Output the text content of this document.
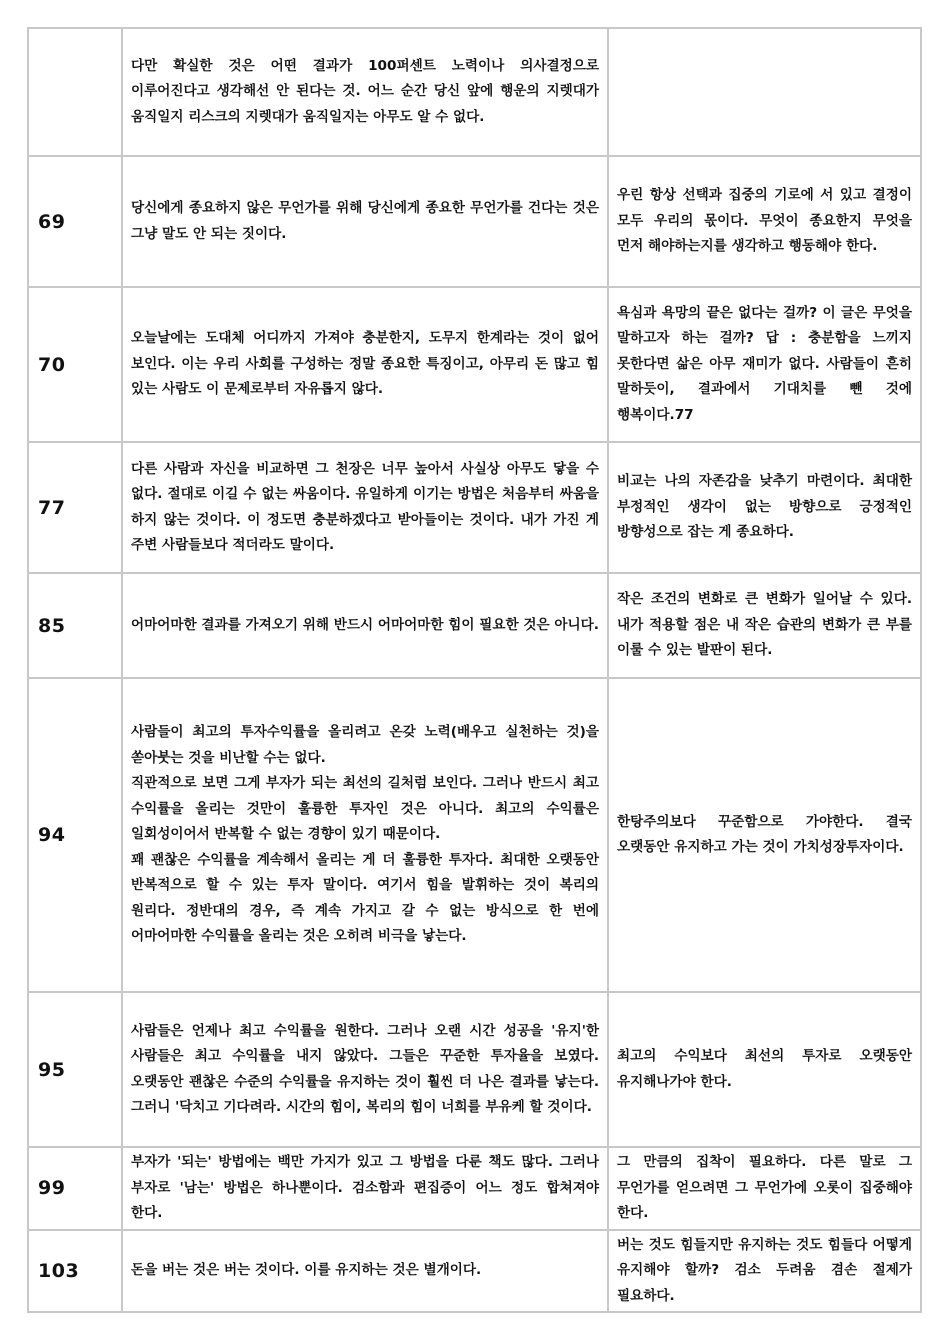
	다만 확실한 것은 어떤 결과가 100퍼센트 노력이나 의사결정으로 이루어진다고 생각해선 안 된다는 것. 어느 순간 당신 앞에 행운의 지렛대가 움직일지 리스크의 지렛대가 움직일지는 아무도 알 수 없다.	
69	당신에게 종요하지 않은 무언가를 위해 당신에게 종요한 무언가를 건다는 것은 그냥 말도 안 되는 짓이다.	우린 항상 선택과 집중의 기로에 서 있고 결정이 모두 우리의 몫이다. 무엇이 종요한지 무엇을 먼저 해야하는지를 생각하고 행동해야 한다.
70	오늘날에는 도대체 어디까지 가져야 충분한지, 도무지 한계라는 것이 없어 보인다. 이는 우리 사회를 구성하는 정말 종요한 특징이고, 아무리 돈 많고 힘 있는 사람도 이 문제로부터 자유롭지 않다.	욕심과 욕망의 끝은 없다는 걸까? 이 글은 무엇을 말하고자 하는 걸까? 답 : 충분함을 느끼지 못한다면 삶은 아무 재미가 없다. 사람들이 흔히 말하듯이, 결과에서 기대치를 뺀 것에 행복이다.77
77	다른 사람과 자신을 비교하면 그 천장은 너무 높아서 사실상 아무도 닿을 수 없다. 절대로 이길 수 없는 싸움이다. 유일하게 이기는 방법은 처음부터 싸움을 하지 않는 것이다. 이 정도면 충분하겠다고 받아들이는 것이다. 내가 가진 게 주변 사람들보다 적더라도 말이다.	비교는 나의 자존감을 낮추기 마련이다. 최대한 부정적인 생각이 없는 방향으로 긍정적인 방향성으로 잡는 게 종요하다.
85	어마어마한 결과를 가져오기 위해 반드시 어마어마한 힘이 필요한 것은 아니다.	작은 조건의 변화로 큰 변화가 일어날 수 있다. 내가 적용할 점은 내 작은 습관의 변화가 큰 부를 이룰 수 있는 발판이 된다.
94	사람들이 최고의 투자수익률을 올리려고 온갖 노력(배우고 실천하는 것)을 쏟아붓는 것을 비난할 수는 없다.
직관적으로 보면 그게 부자가 되는 최선의 길처럼 보인다. 그러나 반드시 최고 수익률을 올리는 것만이 훌륭한 투자인 것은 아니다. 최고의 수익률은 일회성이어서 반복할 수 없는 경향이 있기 때문이다.
꽤 괜찮은 수익률을 계속해서 올리는 게 더 훌륭한 투자다. 최대한 오랫동안 반복적으로 할 수 있는 투자 말이다. 여기서 힘을 발휘하는 것이 복리의 원리다. 정반대의 경우, 즉 계속 가지고 갈 수 없는 방식으로 한 번에 어마어마한 수익률을 올리는 것은 오히려 비극을 낳는다.	한탕주의보다 꾸준함으로 가야한다. 결국 오랫동안 유지하고 가는 것이 가치성장투자이다.
95	사람들은 언제나 최고 수익률을 원한다. 그러나 오랜 시간 성공을 '유지'한 사람들은 최고 수익률을 내지 않았다. 그들은 꾸준한 투자율을 보였다. 오랫동안 괜찮은 수준의 수익률을 유지하는 것이 훨씬 더 나은 결과를 낳는다. 그러니 '닥치고 기다려라. 시간의 힘이, 복리의 힘이 너희를 부유케 할 것이다.	최고의 수익보다 최선의 투자로 오랫동안 유지해나가야 한다.
99	부자가 '되는' 방법에는 백만 가지가 있고 그 방법을 다룬 책도 많다. 그러나 부자로 '남는' 방법은 하나뿐이다. 검소함과 편집증이 어느 정도 합쳐져야 한다.	그 만큼의 집착이 필요하다. 다른 말로 그 무언가를 얻으려면 그 무언가에 오롯이 집중해야 한다.
103	돈을 버는 것은 버는 것이다. 이를 유지하는 것은 별개이다.	버는 것도 힘들지만 유지하는 것도 힘들다 어떻게 유지해야 할까? 검소 두려움 겸손 절제가 필요하다.
